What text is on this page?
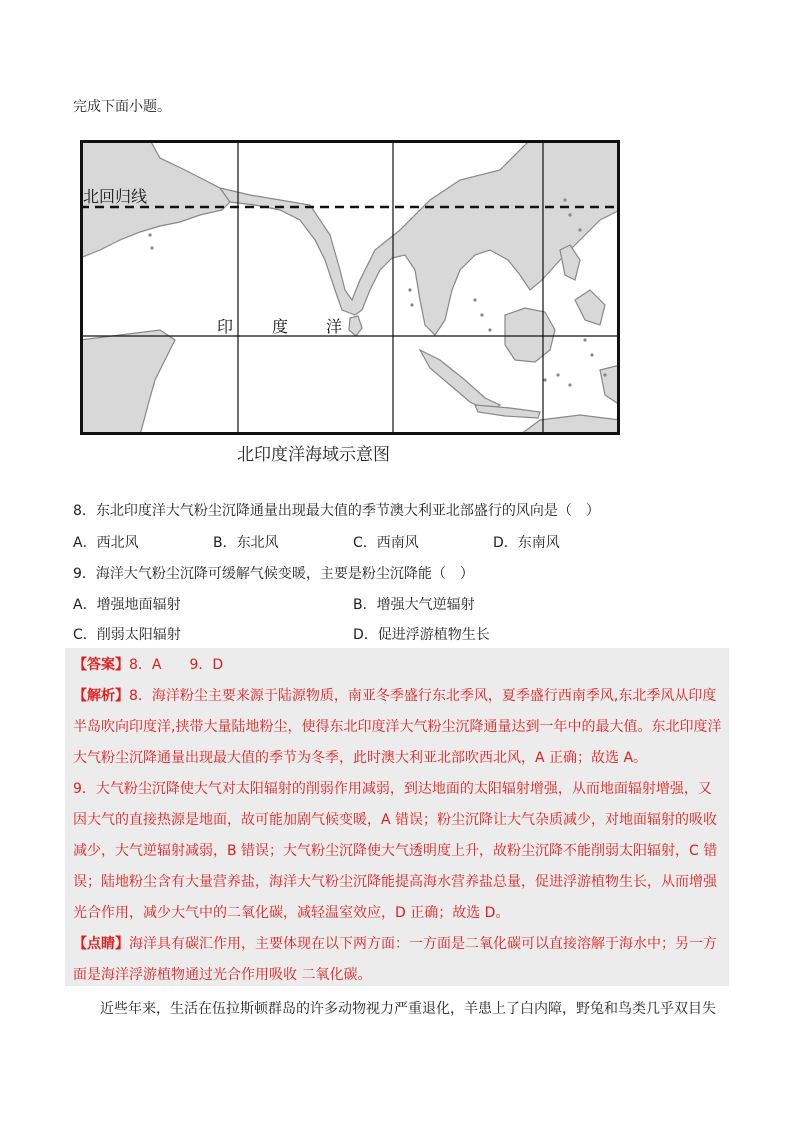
完成下面小题。
北回归线
印 度 洋
北印度洋海域示意图
8．东北印度洋大气粉尘沉降通量出现最大值的季节澳大利亚北部盛行的风向是（　）
A．西北风	B．东北风	C．西南风	D．东南风
9．海洋大气粉尘沉降可缓解气候变暖，主要是粉尘沉降能（　）
A．增强地面辐射	B．增强大气逆辐射
C．削弱太阳辐射	D．促进浮游植物生长
【答案】8．A　　9．D
【解析】8．海洋粉尘主要来源于陆源物质，南亚冬季盛行东北季风，夏季盛行西南季风,东北季风从印度
半岛吹向印度洋,挟带大量陆地粉尘，使得东北印度洋大气粉尘沉降通量达到一年中的最大值。东北印度洋
大气粉尘沉降通量出现最大值的季节为冬季，此时澳大利亚北部吹西北风，A 正确；故选 A。
9．大气粉尘沉降使大气对太阳辐射的削弱作用减弱，到达地面的太阳辐射增强，从而地面辐射增强，又
因大气的直接热源是地面，故可能加剧气候变暖，A 错误；粉尘沉降让大气杂质减少，对地面辐射的吸收
减少，大气逆辐射减弱，B 错误；大气粉尘沉降使大气透明度上升，故粉尘沉降不能削弱太阳辐射，C 错
误；陆地粉尘含有大量营养盐，海洋大气粉尘沉降能提高海水营养盐总量，促进浮游植物生长，从而增强
光合作用，减少大气中的二氧化碳，减轻温室效应，D 正确；故选 D。
【点睛】海洋具有碳汇作用，主要体现在以下两方面：一方面是二氧化碳可以直接溶解于海水中；另一方
面是海洋浮游植物通过光合作用吸收 二氧化碳。
近些年来，生活在伍拉斯顿群岛的许多动物视力严重退化，羊患上了白内障，野兔和鸟类几乎双目失
